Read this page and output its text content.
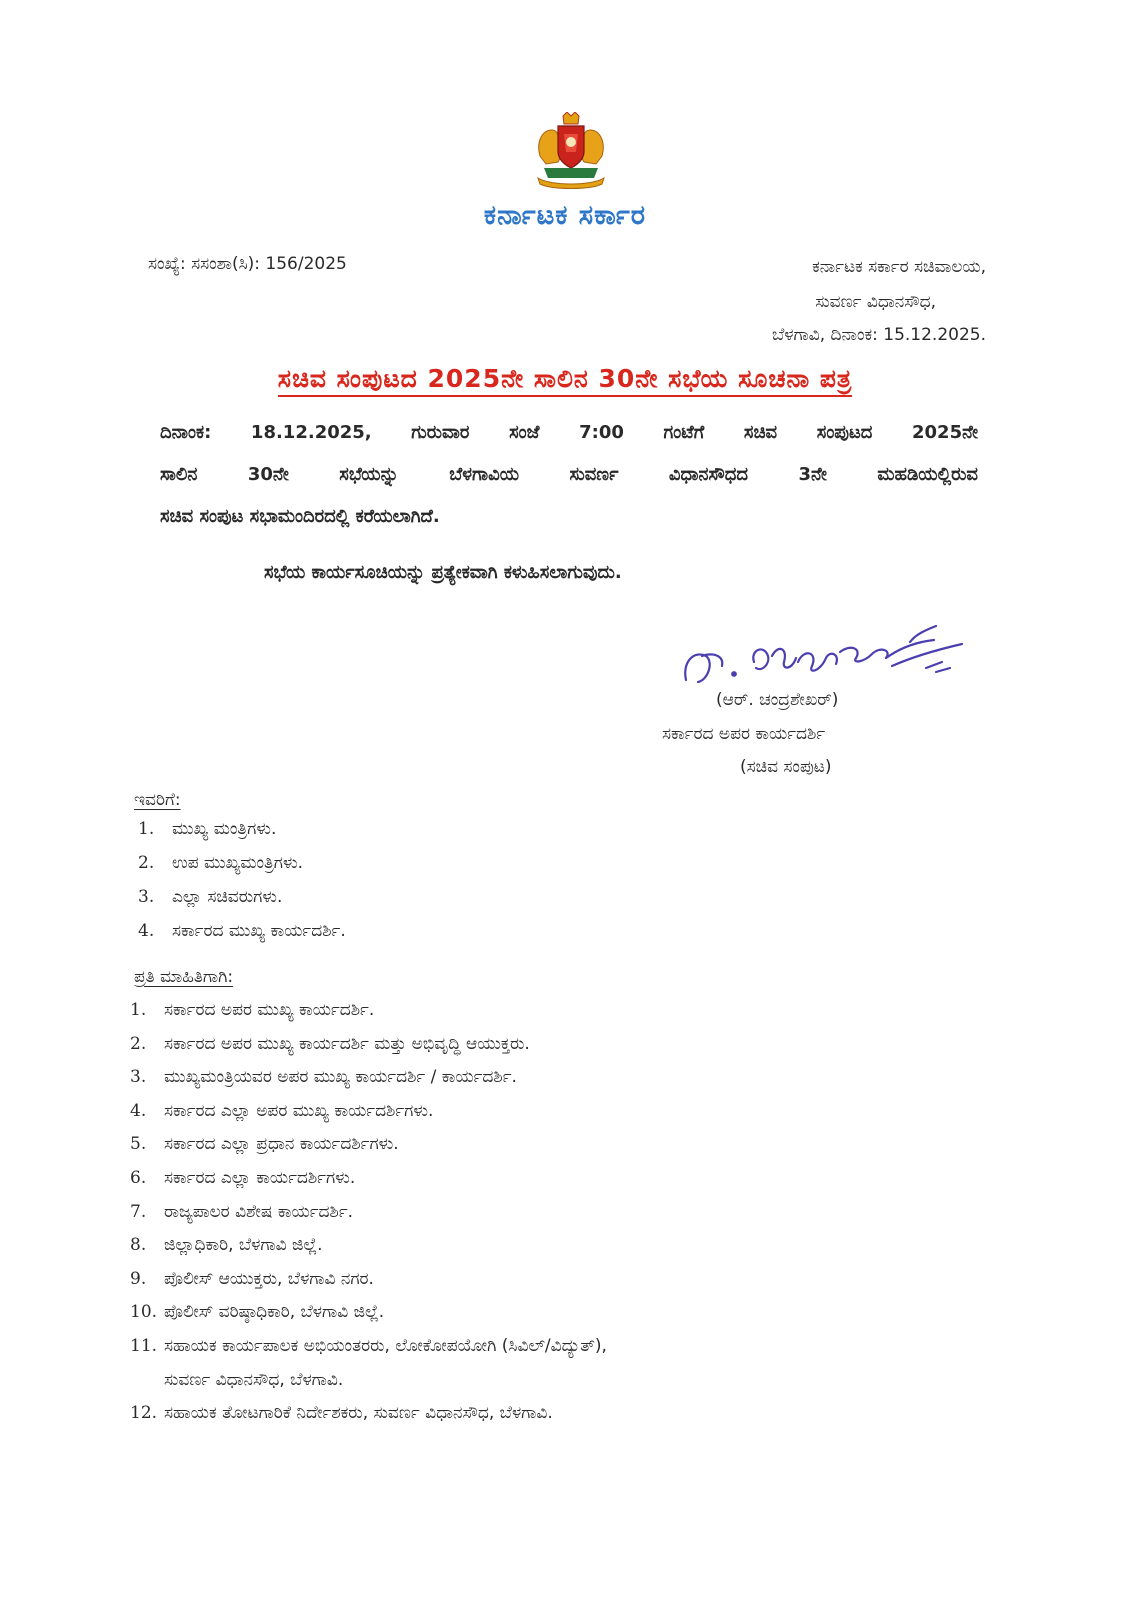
ಕರ್ನಾಟಕ ಸರ್ಕಾರ
ಸಂಖ್ಯೆ: ಸಸಂಶಾ(ಸಿ): 156/2025	ಕರ್ನಾಟಕ ಸರ್ಕಾರ ಸಚಿವಾಲಯ,
ಸುವರ್ಣ ವಿಧಾನಸೌಧ,
ಬೆಳಗಾವಿ, ದಿನಾಂಕ: 15.12.2025.
ಸಚಿವ ಸಂಪುಟದ 2025ನೇ ಸಾಲಿನ 30ನೇ ಸಭೆಯ ಸೂಚನಾ ಪತ್ರ
ದಿನಾಂಕ: 18.12.2025, ಗುರುವಾರ ಸಂಜೆ 7:00 ಗಂಟೆಗೆ ಸಚಿವ ಸಂಪುಟದ 2025ನೇ
ಸಾಲಿನ 30ನೇ ಸಭೆಯನ್ನು ಬೆಳಗಾವಿಯ ಸುವರ್ಣ ವಿಧಾನಸೌಧದ 3ನೇ ಮಹಡಿಯಲ್ಲಿರುವ
ಸಚಿವ ಸಂಪುಟ ಸಭಾಮಂದಿರದಲ್ಲಿ ಕರೆಯಲಾಗಿದೆ.
ಸಭೆಯ ಕಾರ್ಯಸೂಚಿಯನ್ನು ಪ್ರತ್ಯೇಕವಾಗಿ ಕಳುಹಿಸಲಾಗುವುದು.
(ಆರ್. ಚಂದ್ರಶೇಖರ್)
ಸರ್ಕಾರದ ಅಪರ ಕಾರ್ಯದರ್ಶಿ
(ಸಚಿವ ಸಂಪುಟ)
ಇವರಿಗೆ:
1. ಮುಖ್ಯ ಮಂತ್ರಿಗಳು.
2. ಉಪ ಮುಖ್ಯಮಂತ್ರಿಗಳು.
3. ಎಲ್ಲಾ ಸಚಿವರುಗಳು.
4. ಸರ್ಕಾರದ ಮುಖ್ಯ ಕಾರ್ಯದರ್ಶಿ.
ಪ್ರತಿ ಮಾಹಿತಿಗಾಗಿ:
1. ಸರ್ಕಾರದ ಅಪರ ಮುಖ್ಯ ಕಾರ್ಯದರ್ಶಿ.
2. ಸರ್ಕಾರದ ಅಪರ ಮುಖ್ಯ ಕಾರ್ಯದರ್ಶಿ ಮತ್ತು ಅಭಿವೃದ್ಧಿ ಆಯುಕ್ತರು.
3. ಮುಖ್ಯಮಂತ್ರಿಯವರ ಅಪರ ಮುಖ್ಯ ಕಾರ್ಯದರ್ಶಿ / ಕಾರ್ಯದರ್ಶಿ.
4. ಸರ್ಕಾರದ ಎಲ್ಲಾ ಅಪರ ಮುಖ್ಯ ಕಾರ್ಯದರ್ಶಿಗಳು.
5. ಸರ್ಕಾರದ ಎಲ್ಲಾ ಪ್ರಧಾನ ಕಾರ್ಯದರ್ಶಿಗಳು.
6. ಸರ್ಕಾರದ ಎಲ್ಲಾ ಕಾರ್ಯದರ್ಶಿಗಳು.
7. ರಾಜ್ಯಪಾಲರ ವಿಶೇಷ ಕಾರ್ಯದರ್ಶಿ.
8. ಜಿಲ್ಲಾಧಿಕಾರಿ, ಬೆಳಗಾವಿ ಜಿಲ್ಲೆ.
9. ಪೊಲೀಸ್ ಆಯುಕ್ತರು, ಬೆಳಗಾವಿ ನಗರ.
10. ಪೊಲೀಸ್ ವರಿಷ್ಠಾಧಿಕಾರಿ, ಬೆಳಗಾವಿ ಜಿಲ್ಲೆ.
11. ಸಹಾಯಕ ಕಾರ್ಯಪಾಲಕ ಅಭಿಯಂತರರು, ಲೋಕೋಪಯೋಗಿ (ಸಿವಿಲ್/ವಿದ್ಯುತ್),
ಸುವರ್ಣ ವಿಧಾನಸೌಧ, ಬೆಳಗಾವಿ.
12. ಸಹಾಯಕ ತೋಟಗಾರಿಕೆ ನಿರ್ದೇಶಕರು, ಸುವರ್ಣ ವಿಧಾನಸೌಧ, ಬೆಳಗಾವಿ.
